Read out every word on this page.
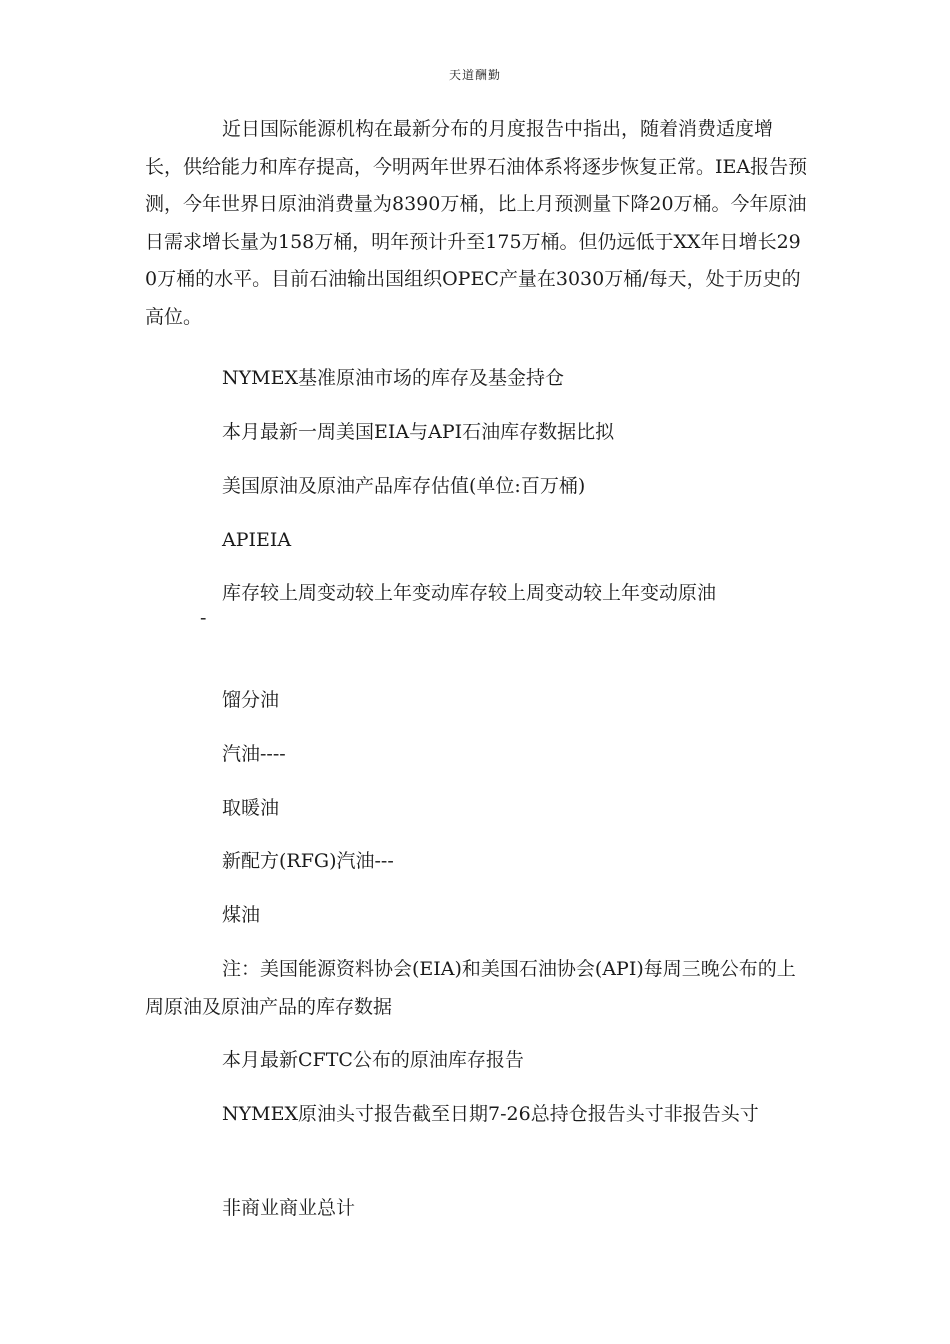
天道酬勤

近日国际能源机构在最新分布的月度报告中指出，随着消费适度增长，供给能力和库存提高，今明两年世界石油体系将逐步恢复正常。IEA报告预测，今年世界日原油消费量为8390万桶，比上月预测量下降20万桶。今年原油日需求增长量为158万桶，明年预计升至175万桶。但仍远低于XX年日增长290万桶的水平。目前石油输出国组织OPEC产量在3030万桶/每天，处于历史的高位。

NYMEX基准原油市场的库存及基金持仓

本月最新一周美国EIA与API石油库存数据比拟

美国原油及原油产品库存估值(单位:百万桶)

APIEIA

库存较上周变动较上年变动库存较上周变动较上年变动原油

-

馏分油

汽油----

取暖油

新配方(RFG)汽油---

煤油

注：美国能源资料协会(EIA)和美国石油协会(API)每周三晚公布的上周原油及原油产品的库存数据

本月最新CFTC公布的原油库存报告

NYMEX原油头寸报告截至日期7-26总持仓报告头寸非报告头寸

非商业商业总计
